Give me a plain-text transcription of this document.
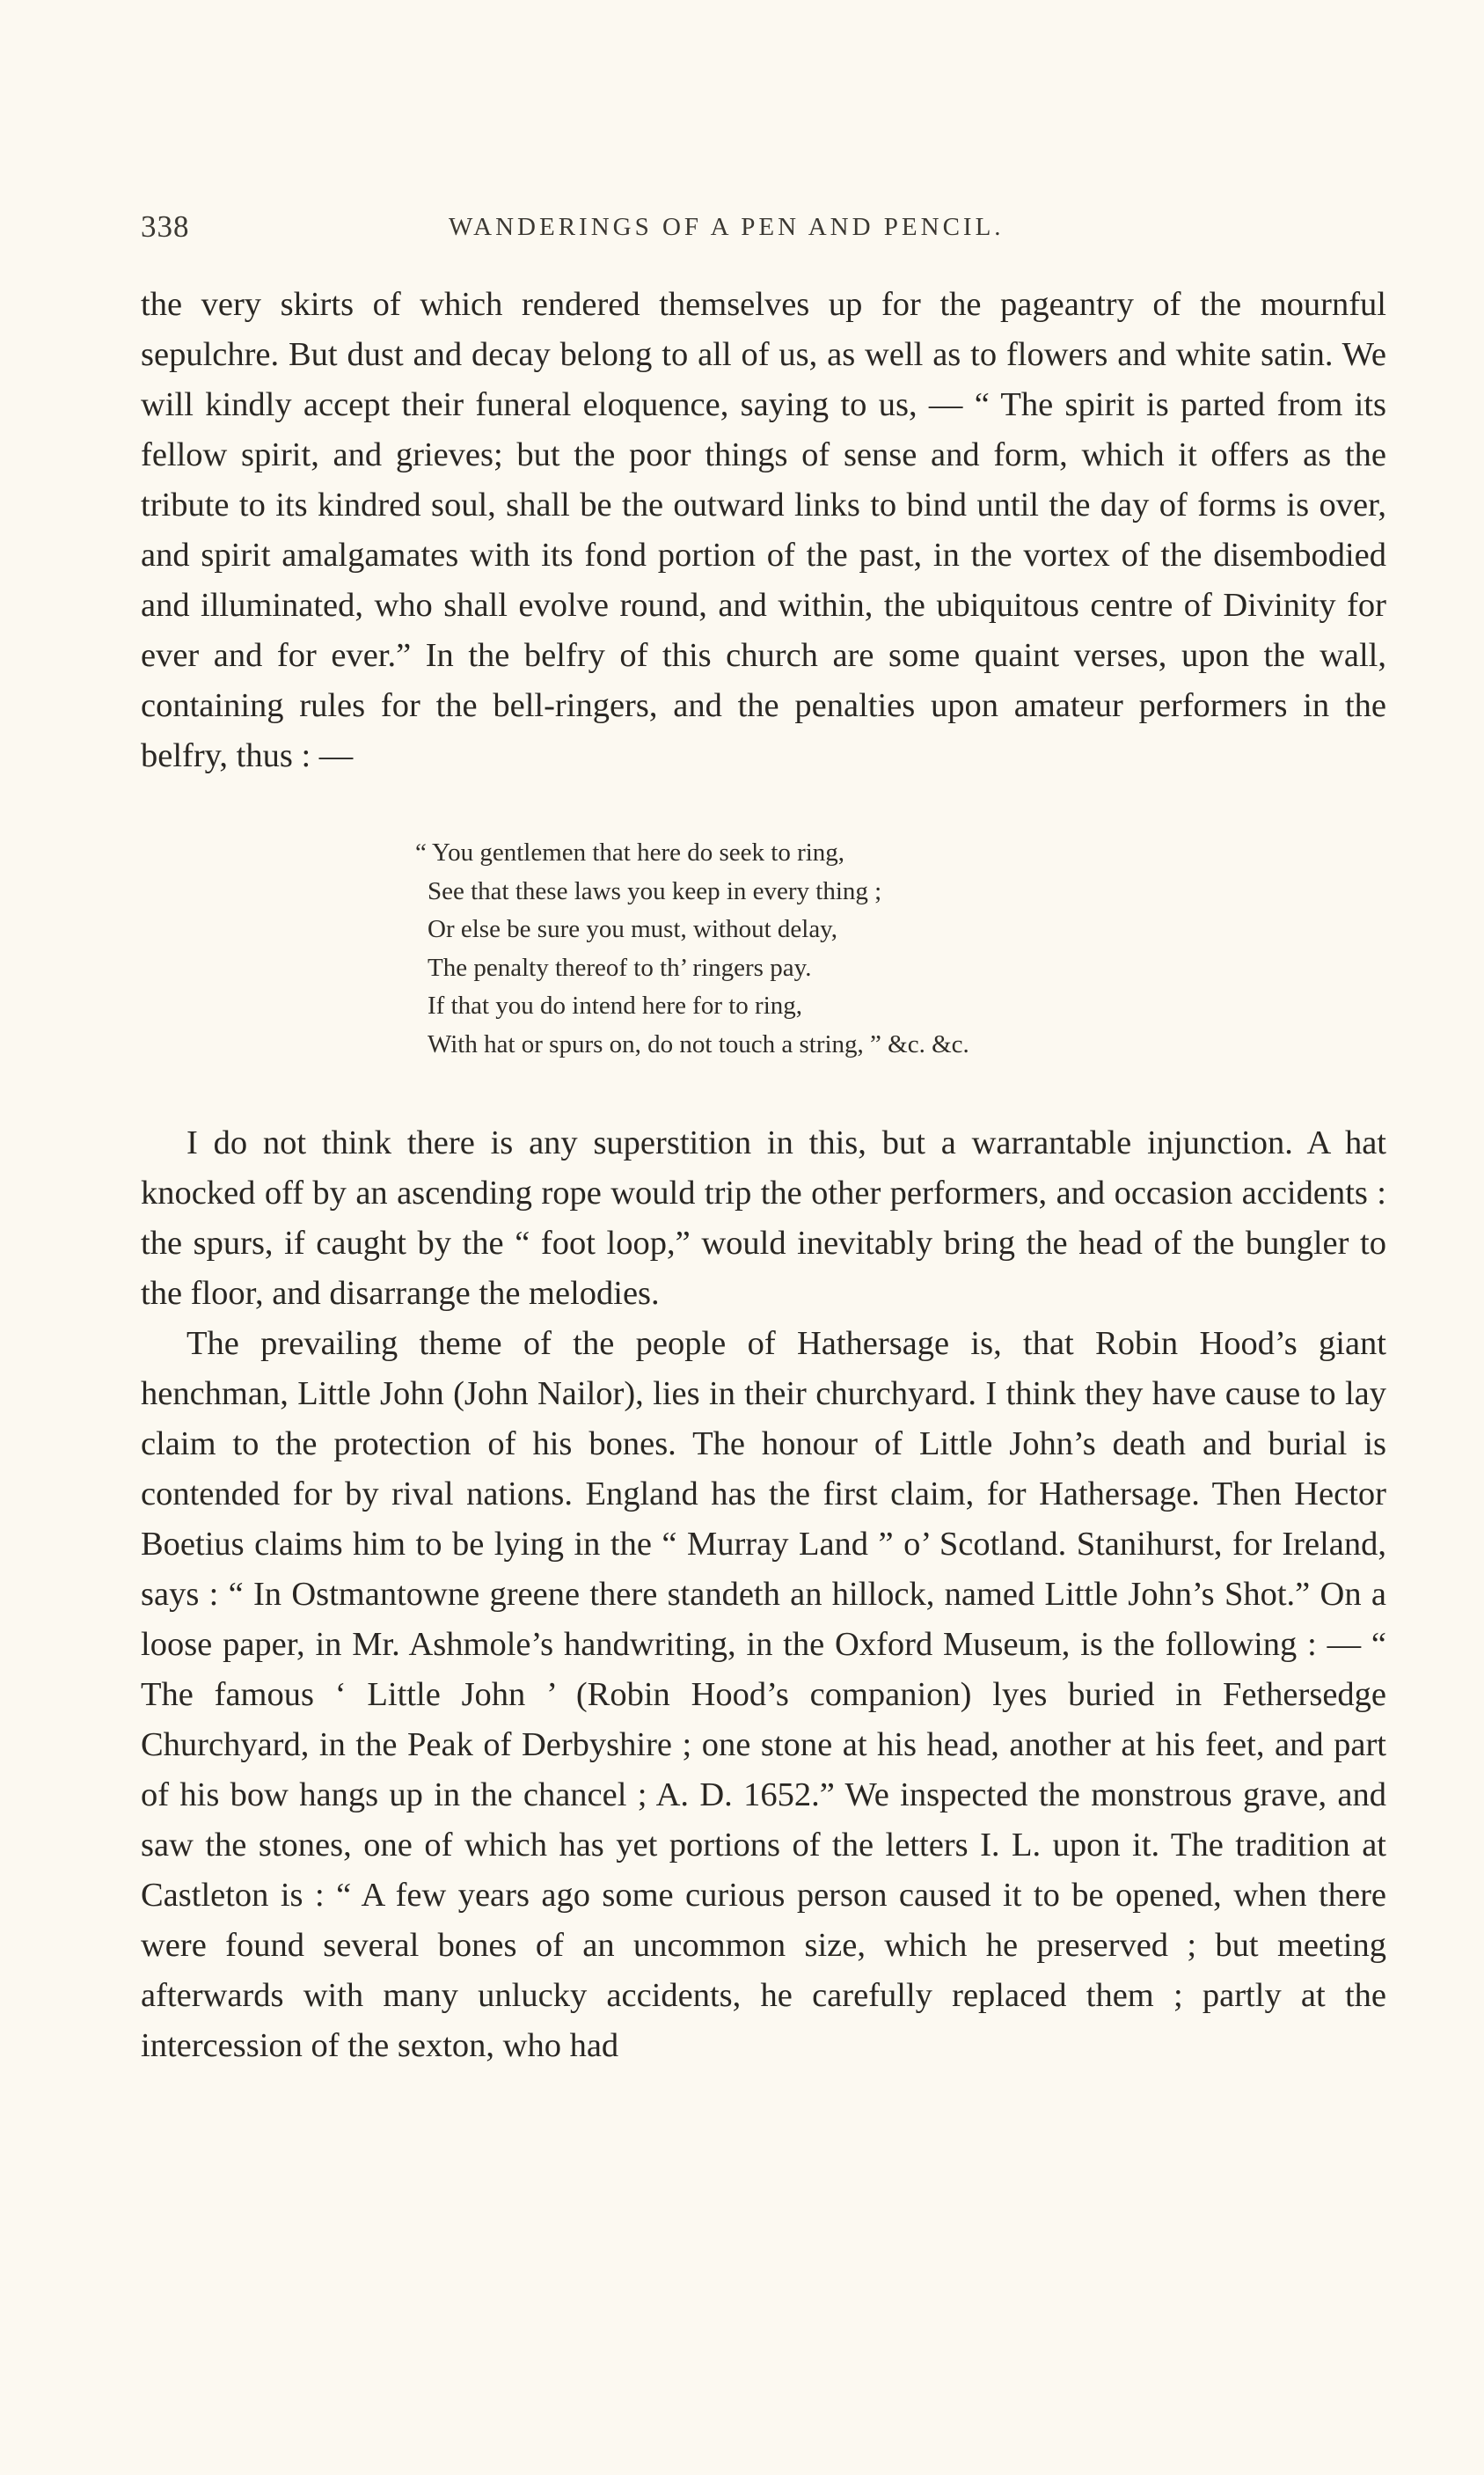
338	WANDERINGS OF A PEN AND PENCIL.

the very skirts of which rendered themselves up for the pageantry of the mournful sepulchre. But dust and decay belong to all of us, as well as to flowers and white satin. We will kindly accept their funeral eloquence, saying to us, — “ The spirit is parted from its fellow spirit, and grieves; but the poor things of sense and form, which it offers as the tribute to its kindred soul, shall be the outward links to bind until the day of forms is over, and spirit amalgamates with its fond portion of the past, in the vortex of the disembodied and illuminated, who shall evolve round, and within, the ubiquitous centre of Divinity for ever and for ever.” In the belfry of this church are some quaint verses, upon the wall, containing rules for the bell-ringers, and the penalties upon amateur performers in the belfry, thus : —

“ You gentlemen that here do seek to ring,
See that these laws you keep in every thing ;
Or else be sure you must, without delay,
The penalty thereof to th’ ringers pay.
If that you do intend here for to ring,
With hat or spurs on, do not touch a string, ” &c. &c.

I do not think there is any superstition in this, but a warrantable injunction. A hat knocked off by an ascending rope would trip the other performers, and occasion accidents : the spurs, if caught by the “ foot loop,” would inevitably bring the head of the bungler to the floor, and disarrange the melodies.

The prevailing theme of the people of Hathersage is, that Robin Hood’s giant henchman, Little John (John Nailor), lies in their churchyard. I think they have cause to lay claim to the protection of his bones. The honour of Little John’s death and burial is contended for by rival nations. England has the first claim, for Hathersage. Then Hector Boetius claims him to be lying in the “ Murray Land ” o’ Scotland. Stanihurst, for Ireland, says : “ In Ostmantowne greene there standeth an hillock, named Little John’s Shot.” On a loose paper, in Mr. Ashmole’s handwriting, in the Oxford Museum, is the following : — “ The famous ‘ Little John ’ (Robin Hood’s companion) lyes buried in Fethersedge Churchyard, in the Peak of Derbyshire ; one stone at his head, another at his feet, and part of his bow hangs up in the chancel ; A. D. 1652.” We inspected the monstrous grave, and saw the stones, one of which has yet portions of the letters I. L. upon it. The tradition at Castleton is : “ A few years ago some curious person caused it to be opened, when there were found several bones of an uncommon size, which he preserved ; but meeting afterwards with many unlucky accidents, he carefully replaced them ; partly at the intercession of the sexton, who had
